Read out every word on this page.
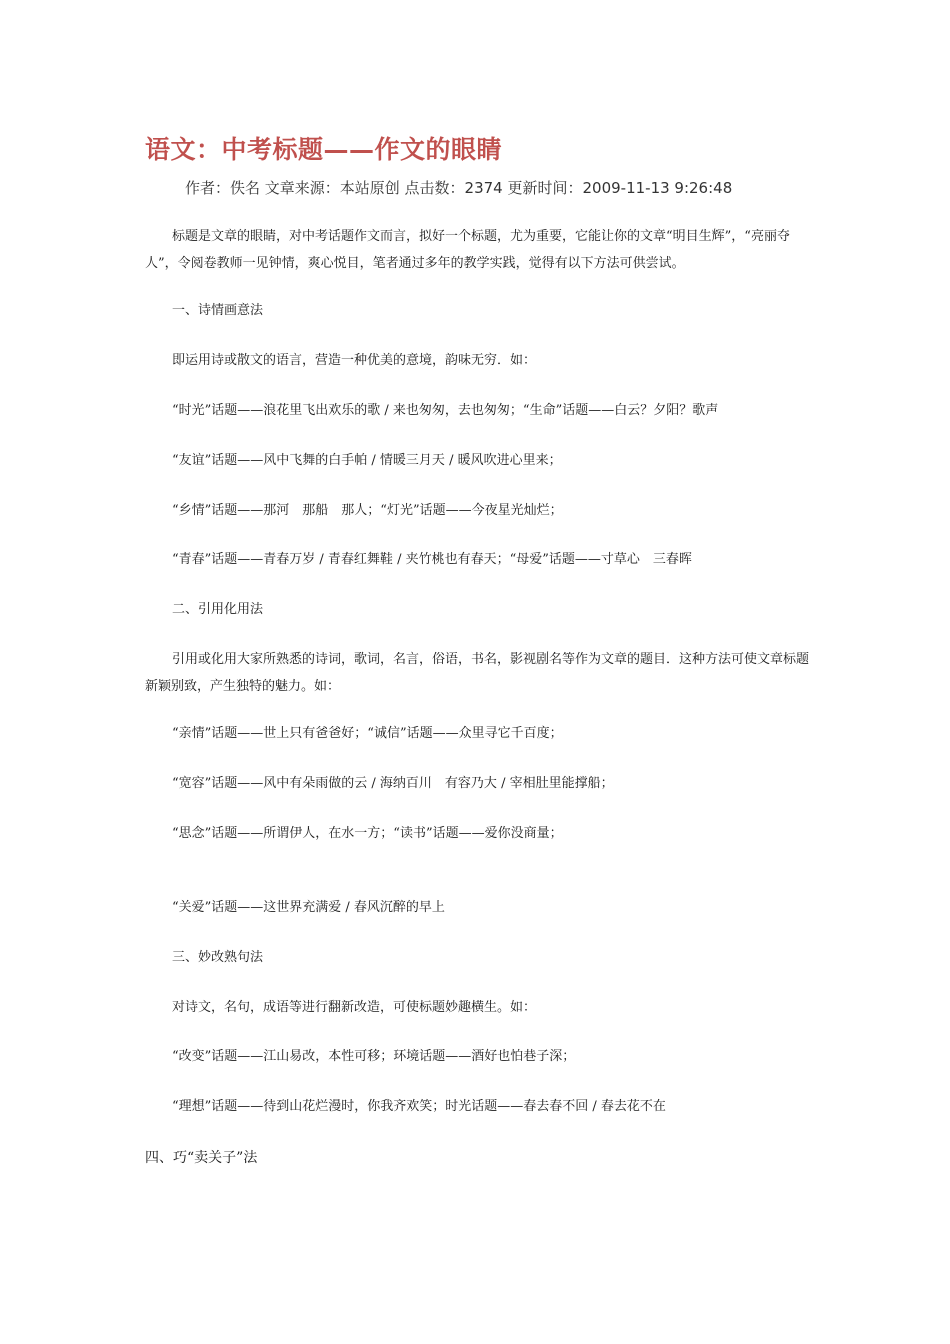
语文：中考标题——作文的眼睛
作者：佚名 文章来源：本站原创 点击数：2374 更新时间：2009-11-13 9:26:48
标题是文章的眼睛，对中考话题作文而言，拟好一个标题，尤为重要，它能让你的文章“明目生辉”，“亮丽夺人”，令阅卷教师一见钟情，爽心悦目，笔者通过多年的教学实践，觉得有以下方法可供尝试。
一、诗情画意法
即运用诗或散文的语言，营造一种优美的意境，韵味无穷．如：
“时光”话题——浪花里飞出欢乐的歌 / 来也匆匆，去也匆匆；“生命”话题——白云？夕阳？歌声
“友谊”话题——风中飞舞的白手帕 / 情暖三月天 / 暖风吹进心里来；
“乡情”话题——那河　那船　那人；“灯光”话题——今夜星光灿烂；
“青春”话题——青春万岁 / 青春红舞鞋 / 夹竹桃也有春天；“母爱”话题——寸草心　三春晖
二、引用化用法
引用或化用大家所熟悉的诗词，歌词，名言，俗语，书名，影视剧名等作为文章的题目．这种方法可使文章标题新颖别致，产生独特的魅力。如：
“亲情”话题——世上只有爸爸好；“诚信”话题——众里寻它千百度；
“宽容”话题——风中有朵雨做的云 / 海纳百川　有容乃大 / 宰相肚里能撑船；
“思念”话题——所谓伊人，在水一方；“读书”话题——爱你没商量；
“关爱”话题——这世界充满爱 / 春风沉醉的早上
三、妙改熟句法
对诗文，名句，成语等进行翻新改造，可使标题妙趣横生。如：
“改变”话题——江山易改，本性可移；环境话题——酒好也怕巷子深；
“理想”话题——待到山花烂漫时，你我齐欢笑；时光话题——春去春不回 / 春去花不在
四、巧“卖关子”法
